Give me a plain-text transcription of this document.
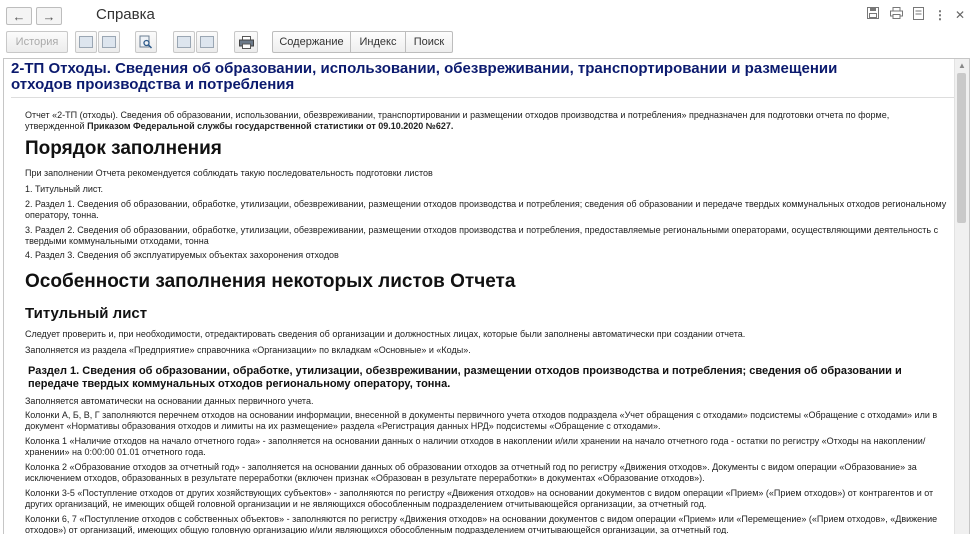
←	→	Справка	⋮ ✕
История	Содержание	Индекс	Поиск
2-ТП Отходы. Сведения об образовании, использовании, обезвреживании, транспортировании и размещении отходов производства и потребления
Отчет «2-ТП (отходы). Сведения об образовании, использовании, обезвреживании, транспортировании и размещении отходов производства и потребления» предназначен для подготовки отчета по форме, утвержденной Приказом Федеральной службы государственной статистики от 09.10.2020 №627.
Порядок заполнения
При заполнении Отчета рекомендуется соблюдать такую последовательность подготовки листов
1. Титульный лист.
2. Раздел 1. Сведения об образовании, обработке, утилизации, обезвреживании, размещении отходов производства и потребления; сведения об образовании и передаче твердых коммунальных отходов региональному оператору, тонна.
3. Раздел 2. Сведения об образовании, обработке, утилизации, обезвреживании, размещении отходов производства и потребления, предоставляемые региональными операторами, осуществляющими деятельность с твердыми коммунальными отходами, тонна
4. Раздел 3. Сведения об эксплуатируемых объектах захоронения отходов
Особенности заполнения некоторых листов Отчета
Титульный лист
Следует проверить и, при необходимости, отредактировать сведения об организации и должностных лицах, которые были заполнены автоматически при создании отчета.
Заполняется из раздела «Предприятие» справочника «Организации» по вкладкам «Основные» и «Коды».
Раздел 1. Сведения об образовании, обработке, утилизации, обезвреживании, размещении отходов производства и потребления; сведения об образовании и передаче твердых коммунальных отходов региональному оператору, тонна.
Заполняется автоматически на основании данных первичного учета.
Колонки А, Б, В, Г заполняются перечнем отходов на основании информации, внесенной в документы первичного учета отходов подраздела «Учет обращения с отходами» подсистемы «Обращение с отходами» или в документ «Нормативы образования отходов и лимиты на их размещение» раздела «Регистрация данных НРД» подсистемы «Обращение с отходами».
Колонка 1 «Наличие отходов на начало отчетного года» - заполняется на основании данных о наличии отходов в накоплении и/или хранении на начало отчетного года - остатки по регистру «Отходы на накоплении/хранении» на 0:00:00 01.01 отчетного года.
Колонка 2 «Образование отходов за отчетный год» - заполняется на основании данных об образовании отходов за отчетный год по регистру «Движения отходов». Документы с видом операции «Образование» за исключением отходов, образованных в результате переработки (включен признак «Образован в результате переработки» в документах «Образование отходов»).
Колонки 3-5 «Поступление отходов от других хозяйствующих субъектов» - заполняются по регистру «Движения отходов» на основании документов с видом операции «Прием» («Прием отходов») от контрагентов и от других организаций, не имеющих общей головной организации и не являющихся обособленным подразделением отчитывающейся организации, за отчетный год.
Колонки 6, 7 «Поступление отходов с собственных объектов» - заполняются по регистру «Движения отходов» на основании документов с видом операции «Прием» или «Перемещение» («Прием отходов», «Движение отходов») от организаций, имеющих общую головную организацию и/или являющихся обособленным подразделением отчитывающейся организации, за отчетный год.
▲
